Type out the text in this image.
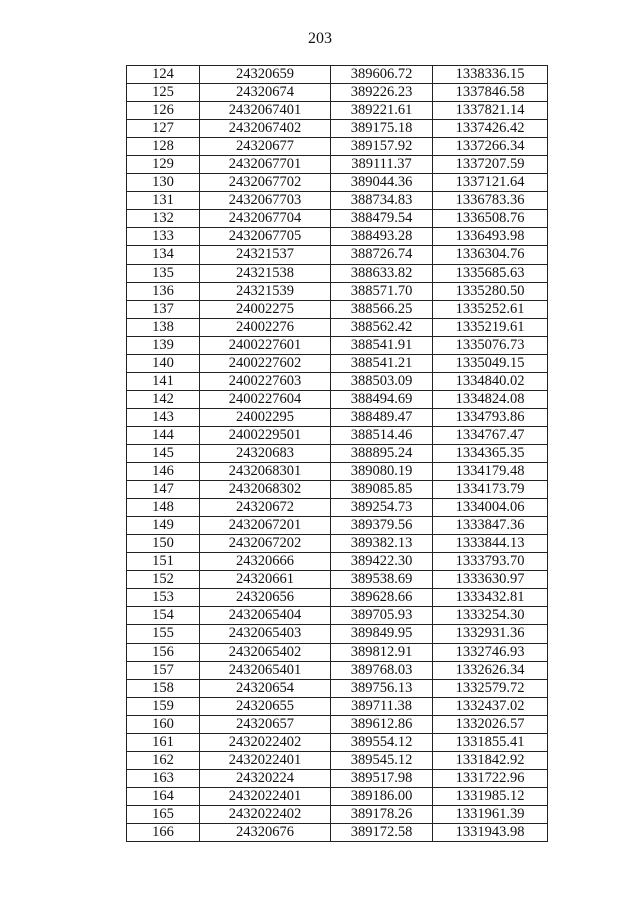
203
124	24320659	389606.72	1338336.15
125	24320674	389226.23	1337846.58
126	2432067401	389221.61	1337821.14
127	2432067402	389175.18	1337426.42
128	24320677	389157.92	1337266.34
129	2432067701	389111.37	1337207.59
130	2432067702	389044.36	1337121.64
131	2432067703	388734.83	1336783.36
132	2432067704	388479.54	1336508.76
133	2432067705	388493.28	1336493.98
134	24321537	388726.74	1336304.76
135	24321538	388633.82	1335685.63
136	24321539	388571.70	1335280.50
137	24002275	388566.25	1335252.61
138	24002276	388562.42	1335219.61
139	2400227601	388541.91	1335076.73
140	2400227602	388541.21	1335049.15
141	2400227603	388503.09	1334840.02
142	2400227604	388494.69	1334824.08
143	24002295	388489.47	1334793.86
144	2400229501	388514.46	1334767.47
145	24320683	388895.24	1334365.35
146	2432068301	389080.19	1334179.48
147	2432068302	389085.85	1334173.79
148	24320672	389254.73	1334004.06
149	2432067201	389379.56	1333847.36
150	2432067202	389382.13	1333844.13
151	24320666	389422.30	1333793.70
152	24320661	389538.69	1333630.97
153	24320656	389628.66	1333432.81
154	2432065404	389705.93	1333254.30
155	2432065403	389849.95	1332931.36
156	2432065402	389812.91	1332746.93
157	2432065401	389768.03	1332626.34
158	24320654	389756.13	1332579.72
159	24320655	389711.38	1332437.02
160	24320657	389612.86	1332026.57
161	2432022402	389554.12	1331855.41
162	2432022401	389545.12	1331842.92
163	24320224	389517.98	1331722.96
164	2432022401	389186.00	1331985.12
165	2432022402	389178.26	1331961.39
166	24320676	389172.58	1331943.98
